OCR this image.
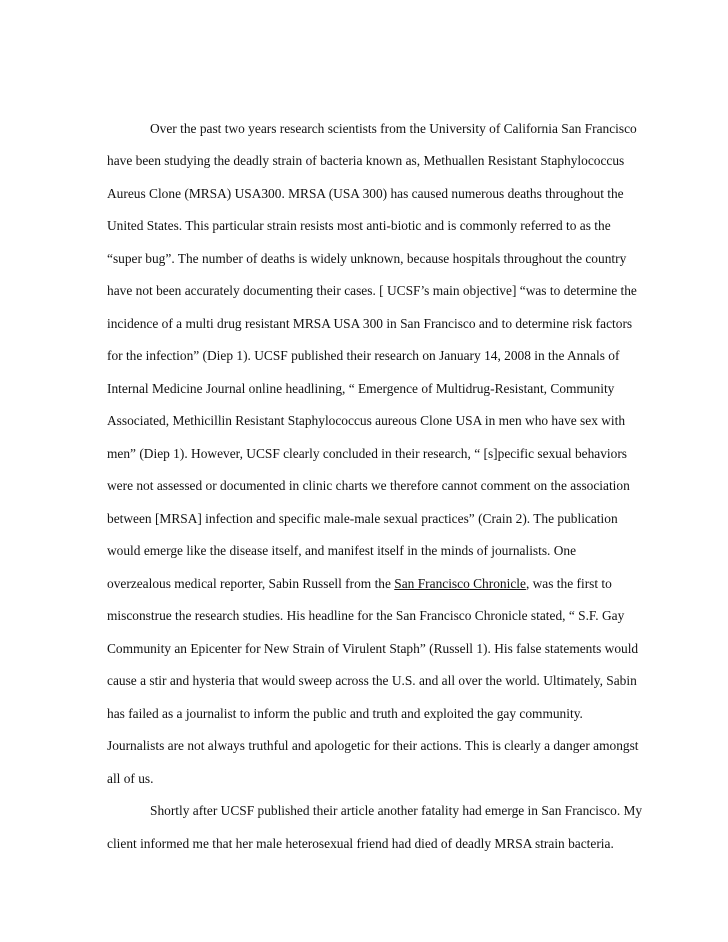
Over the past two years research scientists from the University of California San Francisco
have been studying the deadly strain of bacteria known as, Methuallen Resistant Staphylococcus
Aureus Clone (MRSA) USA300. MRSA (USA 300) has caused numerous deaths throughout the
United States. This particular strain resists most anti-biotic and is commonly referred to as the
“super bug”. The number of deaths is widely unknown, because hospitals throughout the country
have not been accurately documenting their cases. [ UCSF’s main objective] “was to determine the
incidence of a multi drug resistant MRSA USA 300 in San Francisco and to determine risk factors
for the infection” (Diep 1). UCSF published their research on January 14, 2008 in the Annals of
Internal Medicine Journal online headlining, “ Emergence of Multidrug-Resistant, Community
Associated, Methicillin Resistant Staphylococcus aureous Clone USA in men who have sex with
men” (Diep 1). However, UCSF clearly concluded in their research, “ [s]pecific sexual behaviors
were not assessed or documented in clinic charts we therefore cannot comment on the association
between [MRSA] infection and specific male-male sexual practices” (Crain 2). The publication
would emerge like the disease itself, and manifest itself in the minds of journalists. One
overzealous medical reporter, Sabin Russell from the San Francisco Chronicle, was the first to
misconstrue the research studies. His headline for the San Francisco Chronicle stated, “ S.F. Gay
Community an Epicenter for New Strain of Virulent Staph” (Russell 1). His false statements would
cause a stir and hysteria that would sweep across the U.S. and all over the world. Ultimately, Sabin
has failed as a journalist to inform the public and truth and exploited the gay community.
Journalists are not always truthful and apologetic for their actions. This is clearly a danger amongst
all of us.
Shortly after UCSF published their article another fatality had emerge in San Francisco. My
client informed me that her male heterosexual friend had died of deadly MRSA strain bacteria.
